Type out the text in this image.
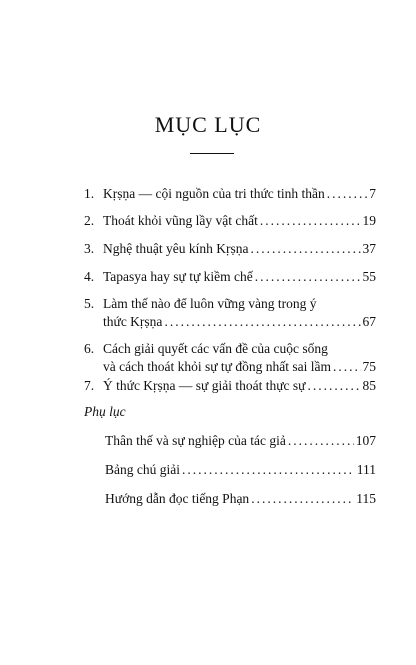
MỤC LỤC
1. Kṛṣṇa — cội nguồn của tri thức tinh thần .....	7
2. Thoát khỏi vũng lầy vật chất .....	19
3. Nghệ thuật yêu kính Kṛṣṇa .....	37
4. Tapasya hay sự tự kiềm chế .....	55
5. Làm thế nào để luôn vững vàng trong ý
thức Kṛṣṇa .....	67
6. Cách giải quyết các vấn đề của cuộc sống
và cách thoát khỏi sự tự đồng nhất sai lầm ..... 75
7. Ý thức Kṛṣṇa — sự giải thoát thực sự .....	85
Phụ lục
Thân thế và sự nghiệp của tác giả .....	107
Bảng chú giải .....	111
Hướng dẫn đọc tiếng Phạn .....	115
